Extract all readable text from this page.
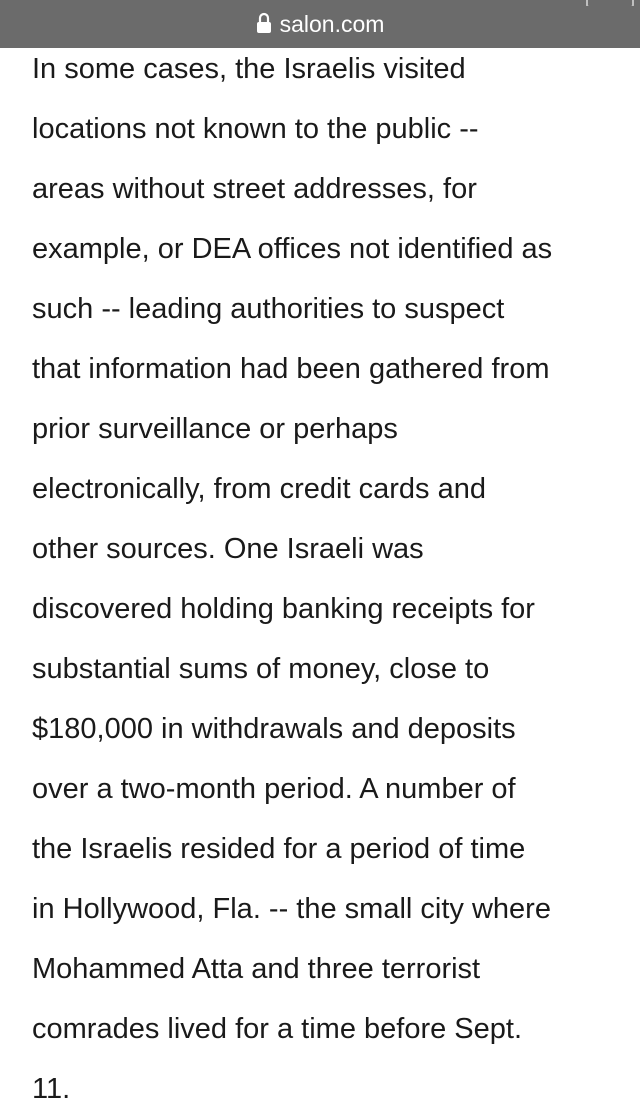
salon.com
In some cases, the Israelis visited
locations not known to the public --
areas without street addresses, for
example, or DEA offices not identified as
such -- leading authorities to suspect
that information had been gathered from
prior surveillance or perhaps
electronically, from credit cards and
other sources. One Israeli was
discovered holding banking receipts for
substantial sums of money, close to
$180,000 in withdrawals and deposits
over a two-month period. A number of
the Israelis resided for a period of time
in Hollywood, Fla. -- the small city where
Mohammed Atta and three terrorist
comrades lived for a time before Sept.
11.
